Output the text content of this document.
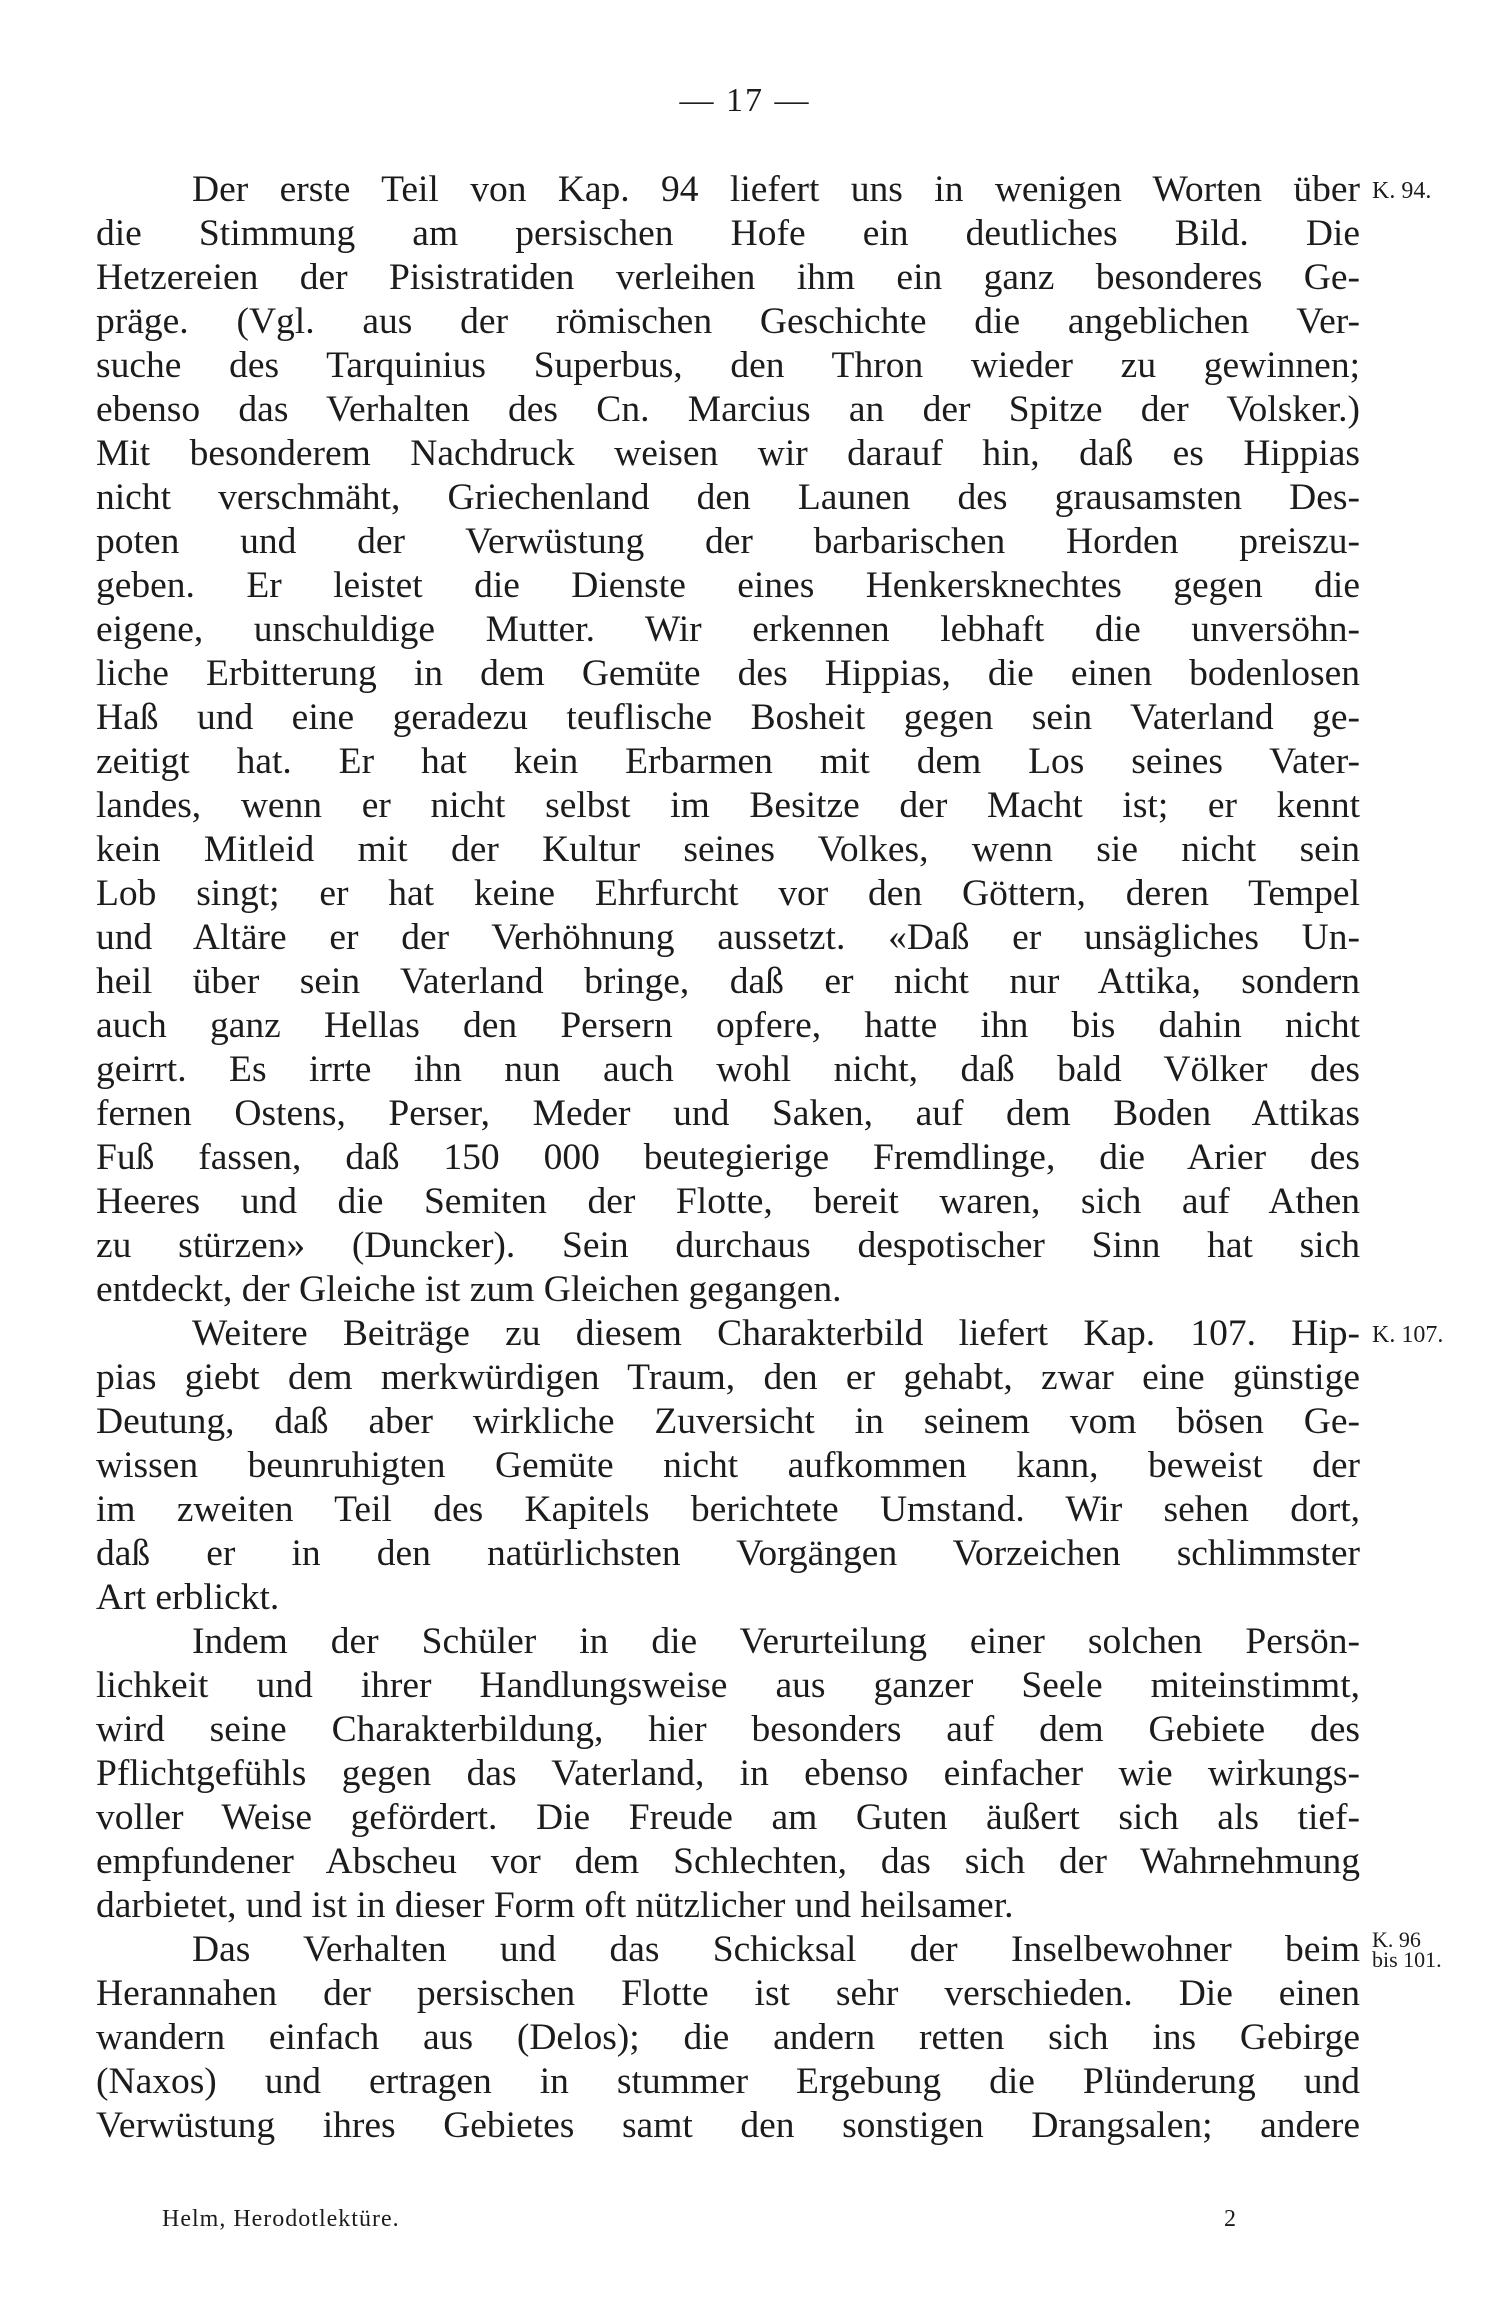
— 17 —
Der erste Teil von Kap. 94 liefert uns in wenigen Worten über
die Stimmung am persischen Hofe ein deutliches Bild. Die
Hetzereien der Pisistratiden verleihen ihm ein ganz besonderes Ge-
präge. (Vgl. aus der römischen Geschichte die angeblichen Ver-
suche des Tarquinius Superbus, den Thron wieder zu gewinnen;
ebenso das Verhalten des Cn. Marcius an der Spitze der Volsker.)
Mit besonderem Nachdruck weisen wir darauf hin, daß es Hippias
nicht verschmäht, Griechenland den Launen des grausamsten Des-
poten und der Verwüstung der barbarischen Horden preiszu-
geben. Er leistet die Dienste eines Henkersknechtes gegen die
eigene, unschuldige Mutter. Wir erkennen lebhaft die unversöhn-
liche Erbitterung in dem Gemüte des Hippias, die einen bodenlosen
Haß und eine geradezu teuflische Bosheit gegen sein Vaterland ge-
zeitigt hat. Er hat kein Erbarmen mit dem Los seines Vater-
landes, wenn er nicht selbst im Besitze der Macht ist; er kennt
kein Mitleid mit der Kultur seines Volkes, wenn sie nicht sein
Lob singt; er hat keine Ehrfurcht vor den Göttern, deren Tempel
und Altäre er der Verhöhnung aussetzt. «Daß er unsägliches Un-
heil über sein Vaterland bringe, daß er nicht nur Attika, sondern
auch ganz Hellas den Persern opfere, hatte ihn bis dahin nicht
geirrt. Es irrte ihn nun auch wohl nicht, daß bald Völker des
fernen Ostens, Perser, Meder und Saken, auf dem Boden Attikas
Fuß fassen, daß 150 000 beutegierige Fremdlinge, die Arier des
Heeres und die Semiten der Flotte, bereit waren, sich auf Athen
zu stürzen» (Duncker). Sein durchaus despotischer Sinn hat sich
entdeckt, der Gleiche ist zum Gleichen gegangen.
Weitere Beiträge zu diesem Charakterbild liefert Kap. 107. Hip-
pias giebt dem merkwürdigen Traum, den er gehabt, zwar eine günstige
Deutung, daß aber wirkliche Zuversicht in seinem vom bösen Ge-
wissen beunruhigten Gemüte nicht aufkommen kann, beweist der
im zweiten Teil des Kapitels berichtete Umstand. Wir sehen dort,
daß er in den natürlichsten Vorgängen Vorzeichen schlimmster
Art erblickt.
Indem der Schüler in die Verurteilung einer solchen Persön-
lichkeit und ihrer Handlungsweise aus ganzer Seele miteinstimmt,
wird seine Charakterbildung, hier besonders auf dem Gebiete des
Pflichtgefühls gegen das Vaterland, in ebenso einfacher wie wirkungs-
voller Weise gefördert. Die Freude am Guten äußert sich als tief-
empfundener Abscheu vor dem Schlechten, das sich der Wahrnehmung
darbietet, und ist in dieser Form oft nützlicher und heilsamer.
Das Verhalten und das Schicksal der Inselbewohner beim
Herannahen der persischen Flotte ist sehr verschieden. Die einen
wandern einfach aus (Delos); die andern retten sich ins Gebirge
(Naxos) und ertragen in stummer Ergebung die Plünderung und
Verwüstung ihres Gebietes samt den sonstigen Drangsalen; andere
K. 94.
K. 107.
K. 96
bis 101.
Helm, Herodotlektüre.	2
